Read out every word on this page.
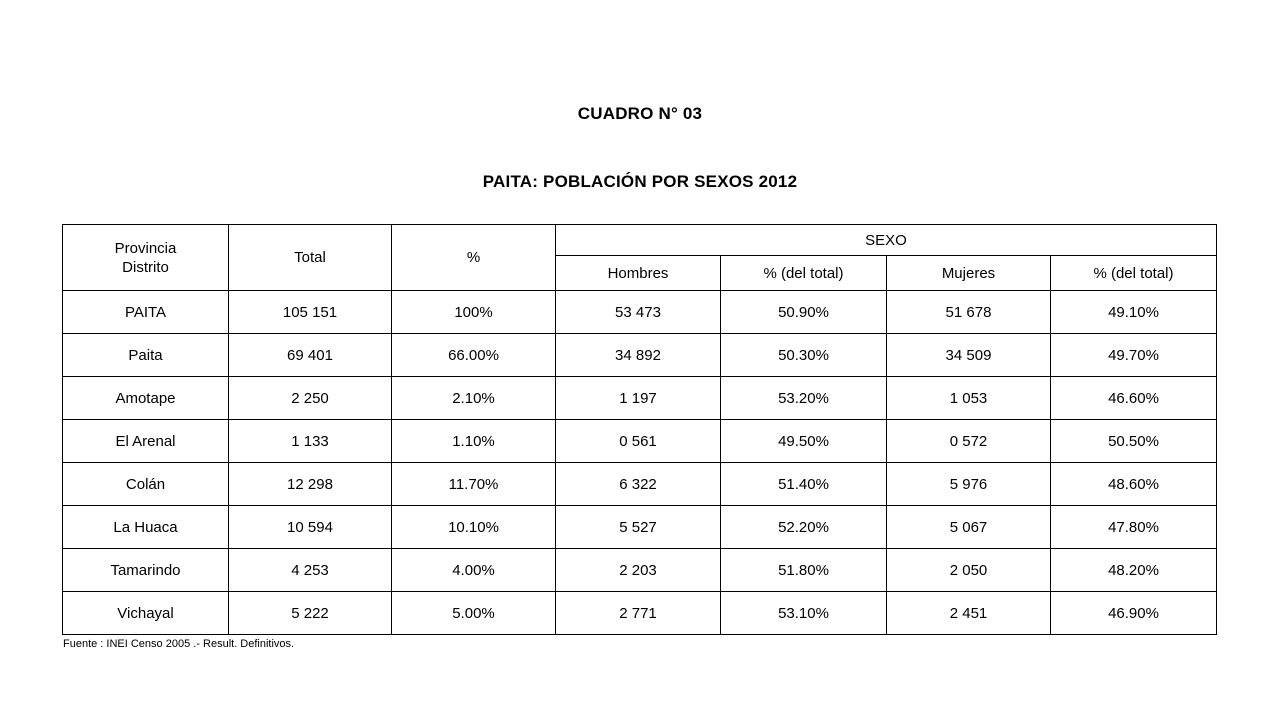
CUADRO N° 03
PAITA: POBLACIÓN POR SEXOS 2012
Provincia
Distrito	Total	%	SEXO			
			Hombres	% (del total)	Mujeres	% (del total)
PAITA	105 151	100%	53 473	50.90%	51 678	49.10%
Paita	69 401	66.00%	34 892	50.30%	34 509	49.70%
Amotape	2 250	2.10%	1 197	53.20%	1 053	46.60%
El Arenal	1 133	1.10%	0 561	49.50%	0 572	50.50%
Colán	12 298	11.70%	6 322	51.40%	5 976	48.60%
La Huaca	10 594	10.10%	5 527	52.20%	5 067	47.80%
Tamarindo	4 253	4.00%	2 203	51.80%	2 050	48.20%
Vichayal	5 222	5.00%	2 771	53.10%	2 451	46.90%
Fuente : INEI Censo 2005 .- Result. Definitivos.
